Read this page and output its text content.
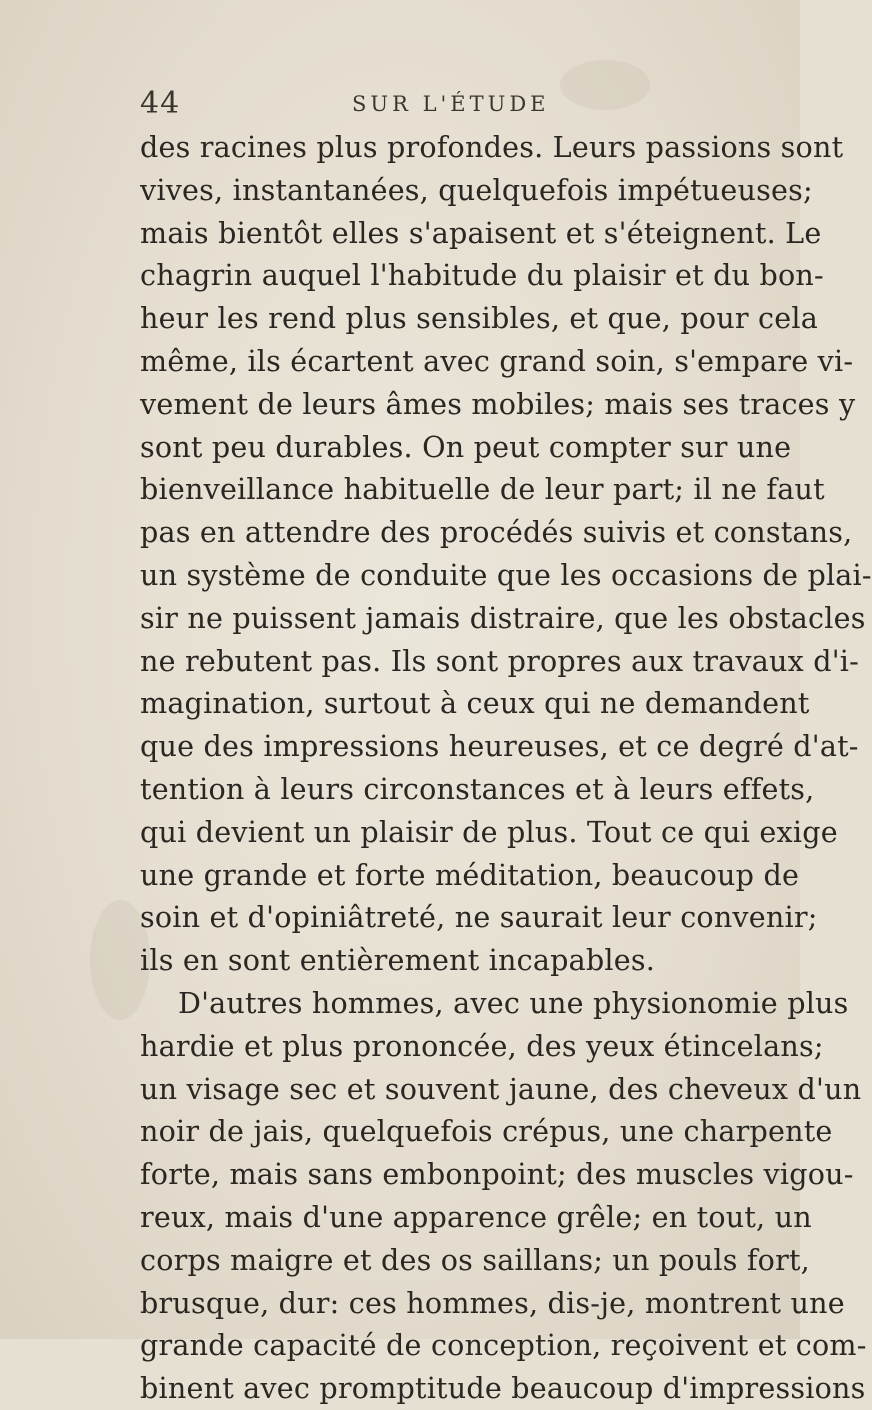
44	SUR L'ÉTUDE
des racines plus profondes. Leurs passions sont
vives, instantanées, quelquefois impétueuses;
mais bientôt elles s'apaisent et s'éteignent. Le
chagrin auquel l'habitude du plaisir et du bon-
heur les rend plus sensibles, et que, pour cela
même, ils écartent avec grand soin, s'empare vi-
vement de leurs âmes mobiles; mais ses traces y
sont peu durables. On peut compter sur une
bienveillance habituelle de leur part; il ne faut
pas en attendre des procédés suivis et constans,
un système de conduite que les occasions de plai-
sir ne puissent jamais distraire, que les obstacles
ne rebutent pas. Ils sont propres aux travaux d'i-
magination, surtout à ceux qui ne demandent
que des impressions heureuses, et ce degré d'at-
tention à leurs circonstances et à leurs effets,
qui devient un plaisir de plus. Tout ce qui exige
une grande et forte méditation, beaucoup de
soin et d'opiniâtreté, ne saurait leur convenir;
ils en sont entièrement incapables.
D'autres hommes, avec une physionomie plus
hardie et plus prononcée, des yeux étincelans;
un visage sec et souvent jaune, des cheveux d'un
noir de jais, quelquefois crépus, une charpente
forte, mais sans embonpoint; des muscles vigou-
reux, mais d'une apparence grêle; en tout, un
corps maigre et des os saillans; un pouls fort,
brusque, dur: ces hommes, dis-je, montrent une
grande capacité de conception, reçoivent et com-
binent avec promptitude beaucoup d'impressions
